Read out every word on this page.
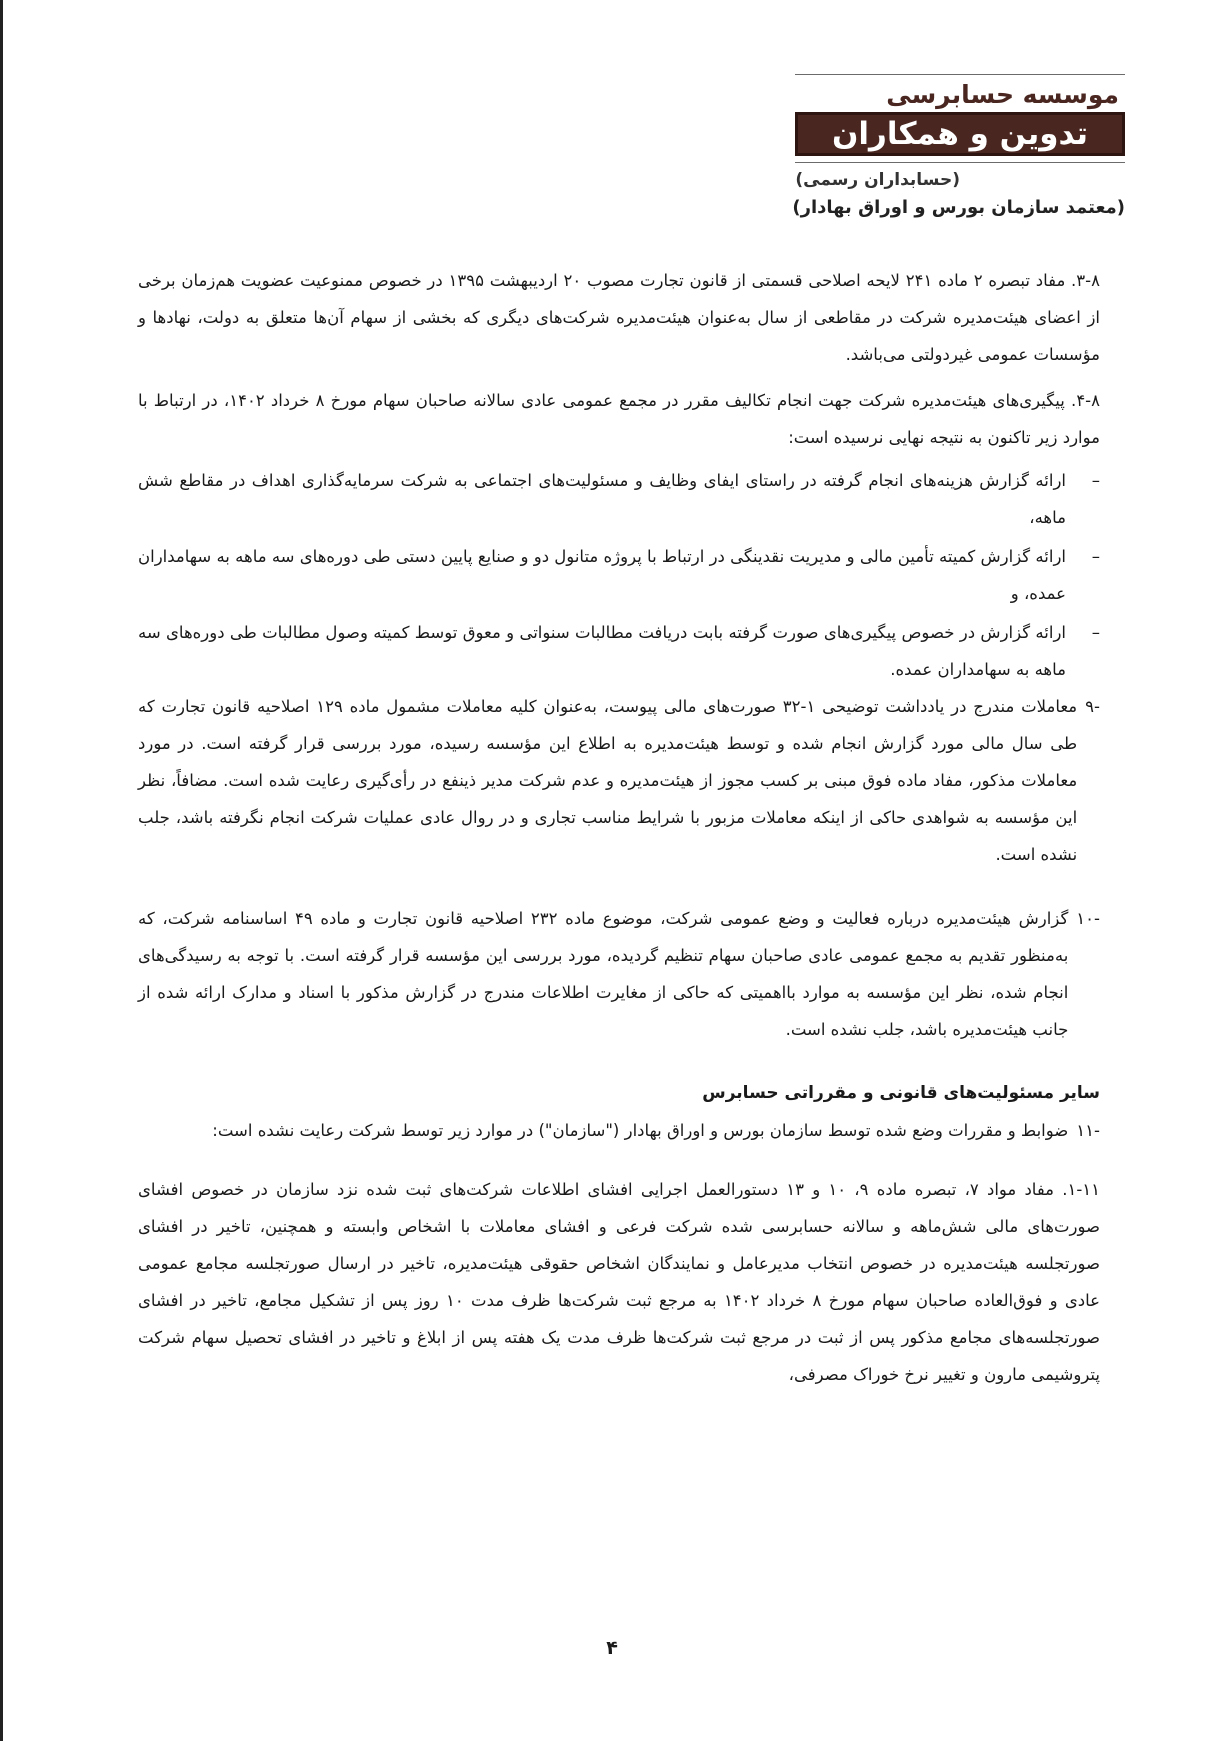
موسسه حسابرسی
تدوین و همکاران
(حسابداران رسمی)
(معتمد سازمان بورس و اوراق بهادار)

۳-۸. مفاد تبصره ۲ ماده ۲۴۱ لایحه اصلاحی قسمتی از قانون تجارت مصوب ۲۰ اردیبهشت ۱۳۹۵ در خصوص ممنوعیت عضویت هم‌زمان برخی از اعضای هیئت‌مدیره شرکت در مقاطعی از سال به‌عنوان هیئت‌مدیره شرکت‌های دیگری که بخشی از سهام آن‌ها متعلق به دولت، نهادها و مؤسسات عمومی غیردولتی می‌باشد.

۴-۸. پیگیری‌های هیئت‌مدیره شرکت جهت انجام تکالیف مقرر در مجمع عمومی عادی سالانه صاحبان سهام مورخ ۸ خرداد ۱۴۰۲، در ارتباط با موارد زیر تاکنون به نتیجه نهایی نرسیده است:

–

ارائه گزارش هزینه‌های انجام گرفته در راستای ایفای وظایف و مسئولیت‌های اجتماعی به شرکت سرمایه‌گذاری اهداف در مقاطع شش ماهه،

–

ارائه گزارش کمیته تأمین مالی و مدیریت نقدینگی در ارتباط با پروژه متانول دو و صنایع پایین دستی طی دوره‌های سه ماهه به سهامداران عمده، و

–

ارائه گزارش در خصوص پیگیری‌های صورت گرفته بابت دریافت مطالبات سنواتی و معوق توسط کمیته وصول مطالبات طی دوره‌های سه ماهه به سهامداران عمده.

-۹

معاملات مندرج در یادداشت توضیحی ۱-۳۲ صورت‌های مالی پیوست، به‌عنوان کلیه معاملات مشمول ماده ۱۲۹ اصلاحیه قانون تجارت که طی سال مالی مورد گزارش انجام شده و توسط هیئت‌مدیره به اطلاع این مؤسسه رسیده، مورد بررسی قرار گرفته است. در مورد معاملات مذکور، مفاد ماده فوق مبنی بر کسب مجوز از هیئت‌مدیره و عدم شرکت مدیر ذینفع در رأی‌گیری رعایت شده است. مضافاً، نظر این مؤسسه به شواهدی حاکی از اینکه معاملات مزبور با شرایط مناسب تجاری و در روال عادی عملیات شرکت انجام نگرفته باشد، جلب نشده است.

-۱۰

گزارش هیئت‌مدیره درباره فعالیت و وضع عمومی شرکت، موضوع ماده ۲۳۲ اصلاحیه قانون تجارت و ماده ۴۹ اساسنامه شرکت، که به‌منظور تقدیم به مجمع عمومی عادی صاحبان سهام تنظیم گردیده، مورد بررسی این مؤسسه قرار گرفته است. با توجه به رسیدگی‌های انجام شده، نظر این مؤسسه به موارد بااهمیتی که حاکی از مغایرت اطلاعات مندرج در گزارش مذکور با اسناد و مدارک ارائه شده از جانب هیئت‌مدیره باشد، جلب نشده است.

سایر مسئولیت‌های قانونی و مقرراتی حسابرس

-۱۱

ضوابط و مقررات وضع شده توسط سازمان بورس و اوراق بهادار ("سازمان") در موارد زیر توسط شرکت رعایت نشده است:

۱-۱۱. مفاد مواد ۷، تبصره ماده ۹، ۱۰ و ۱۳ دستورالعمل اجرایی افشای اطلاعات شرکت‌های ثبت شده نزد سازمان در خصوص افشای صورت‌های مالی شش‌ماهه و سالانه حسابرسی شده شرکت فرعی و افشای معاملات با اشخاص وابسته و همچنین، تاخیر در افشای صورتجلسه هیئت‌مدیره در خصوص انتخاب مدیرعامل و نمایندگان اشخاص حقوقی هیئت‌مدیره، تاخیر در ارسال صورتجلسه مجامع عمومی عادی و فوق‌العاده صاحبان سهام مورخ ۸ خرداد ۱۴۰۲ به مرجع ثبت شرکت‌ها ظرف مدت ۱۰ روز پس از تشکیل مجامع، تاخیر در افشای صورتجلسه‌های مجامع مذکور پس از ثبت در مرجع ثبت شرکت‌ها ظرف مدت یک هفته پس از ابلاغ و تاخیر در افشای تحصیل سهام شرکت پتروشیمی مارون و تغییر نرخ خوراک مصرفی،

۴
